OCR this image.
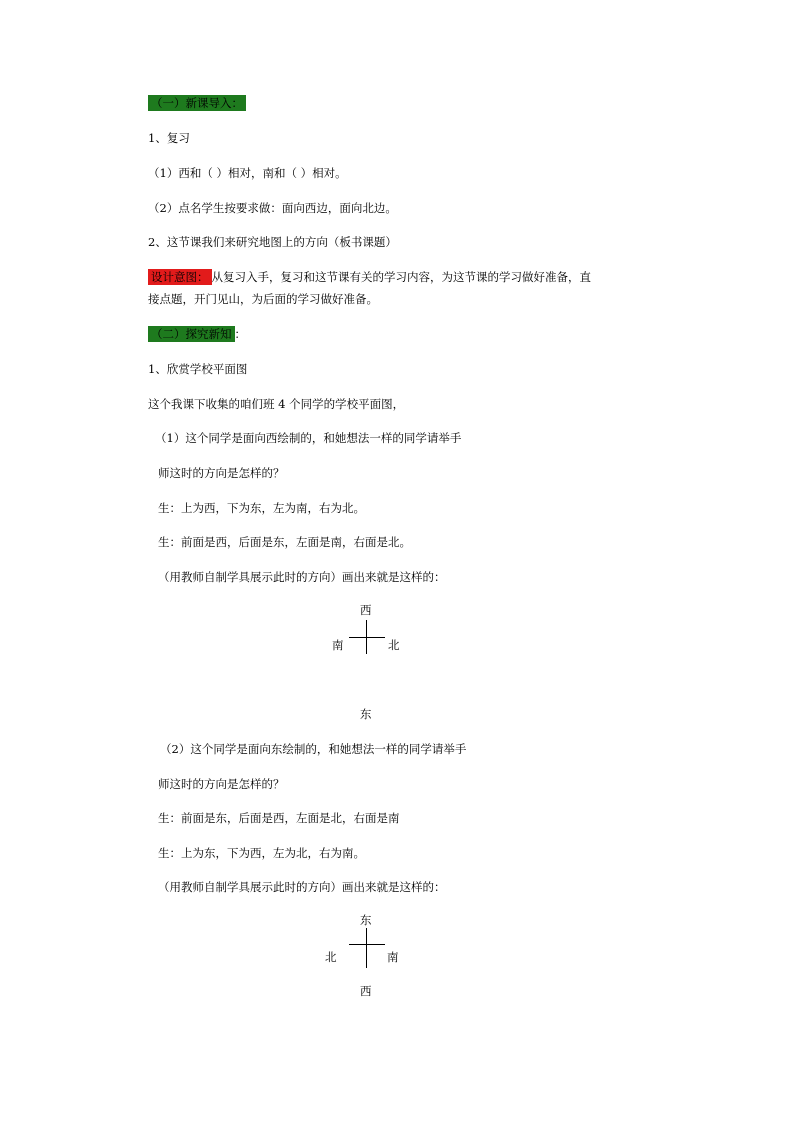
（一）新课导入：
1、复习
（1）西和（ ）相对，南和（ ）相对。
（2）点名学生按要求做：面向西边，面向北边。
2、这节课我们来研究地图上的方向（板书课题）
设计意图： 从复习入手，复习和这节课有关的学习内容，为这节课的学习做好准备，直
接点题，开门见山，为后面的学习做好准备。
（二）探究新知 ：
1、欣赏学校平面图
这个我课下收集的咱们班 4 个同学的学校平面图，
（1）这个同学是面向西绘制的，和她想法一样的同学请举手
师这时的方向是怎样的？
生：上为西，下为东，左为南，右为北。
生：前面是西，后面是东，左面是南，右面是北。
（用教师自制学具展示此时的方向）画出来就是这样的：
西
南	北
东
（2）这个同学是面向东绘制的，和她想法一样的同学请举手
师这时的方向是怎样的？
生：前面是东，后面是西，左面是北，右面是南
生：上为东，下为西，左为北，右为南。
（用教师自制学具展示此时的方向）画出来就是这样的：
东
北	南
西
